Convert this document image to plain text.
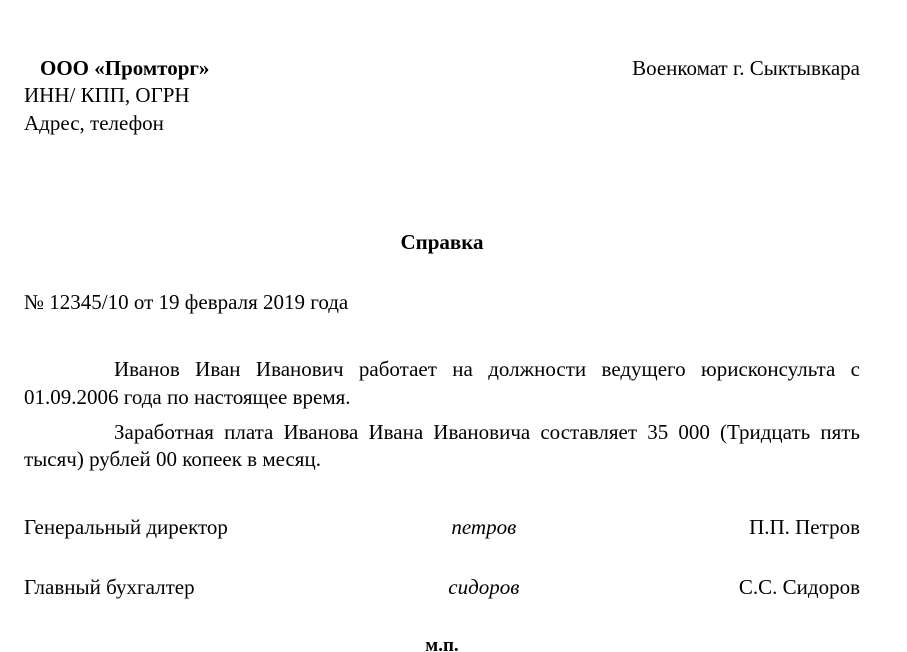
ООО «Промторг»
ИНН/ КПП, ОГРН
Адрес, телефон
Военкомат г. Сыктывкара
Справка
№ 12345/10 от 19 февраля 2019 года

Иванов Иван Иванович работает на должности ведущего юрисконсульта с 01.09.2006 года по настоящее время.

Заработная плата Иванова Ивана Ивановича составляет 35 000 (Тридцать пять тысяч) рублей 00 копеек в месяц.

Генеральный директор	петров	П.П. Петров
Главный бухгалтер	сидоров	С.С. Сидоров
м.п.
